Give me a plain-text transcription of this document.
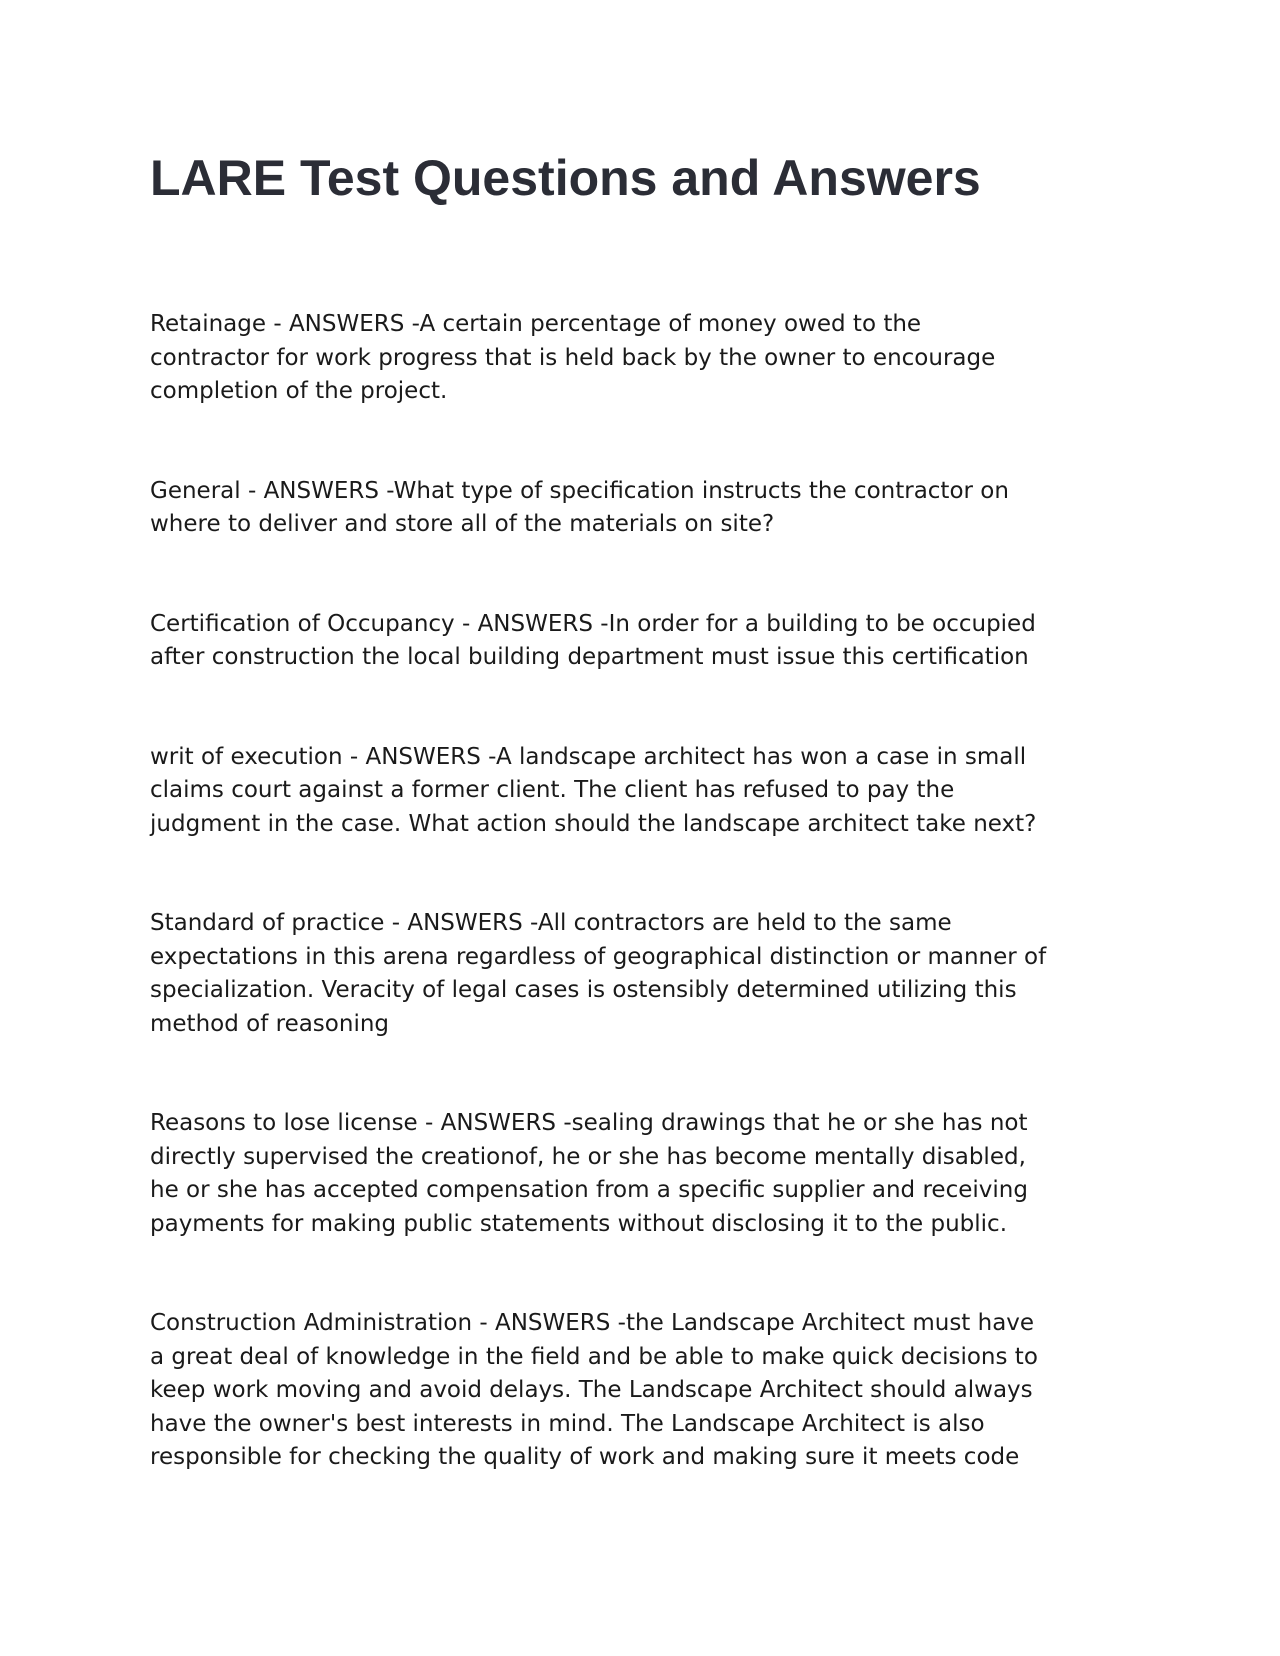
LARE Test Questions and Answers

Retainage - ANSWERS -A certain percentage of money owed to the
contractor for work progress that is held back by the owner to encourage
completion of the project.

General - ANSWERS -What type of specification instructs the contractor on
where to deliver and store all of the materials on site?

Certification of Occupancy - ANSWERS -In order for a building to be occupied
after construction the local building department must issue this certification

writ of execution - ANSWERS -A landscape architect has won a case in small
claims court against a former client. The client has refused to pay the
judgment in the case. What action should the landscape architect take next?

Standard of practice - ANSWERS -All contractors are held to the same
expectations in this arena regardless of geographical distinction or manner of
specialization. Veracity of legal cases is ostensibly determined utilizing this
method of reasoning

Reasons to lose license - ANSWERS -sealing drawings that he or she has not
directly supervised the creationof, he or she has become mentally disabled,
he or she has accepted compensation from a specific supplier and receiving
payments for making public statements without disclosing it to the public.

Construction Administration - ANSWERS -the Landscape Architect must have
a great deal of knowledge in the field and be able to make quick decisions to
keep work moving and avoid delays. The Landscape Architect should always
have the owner's best interests in mind. The Landscape Architect is also
responsible for checking the quality of work and making sure it meets code
